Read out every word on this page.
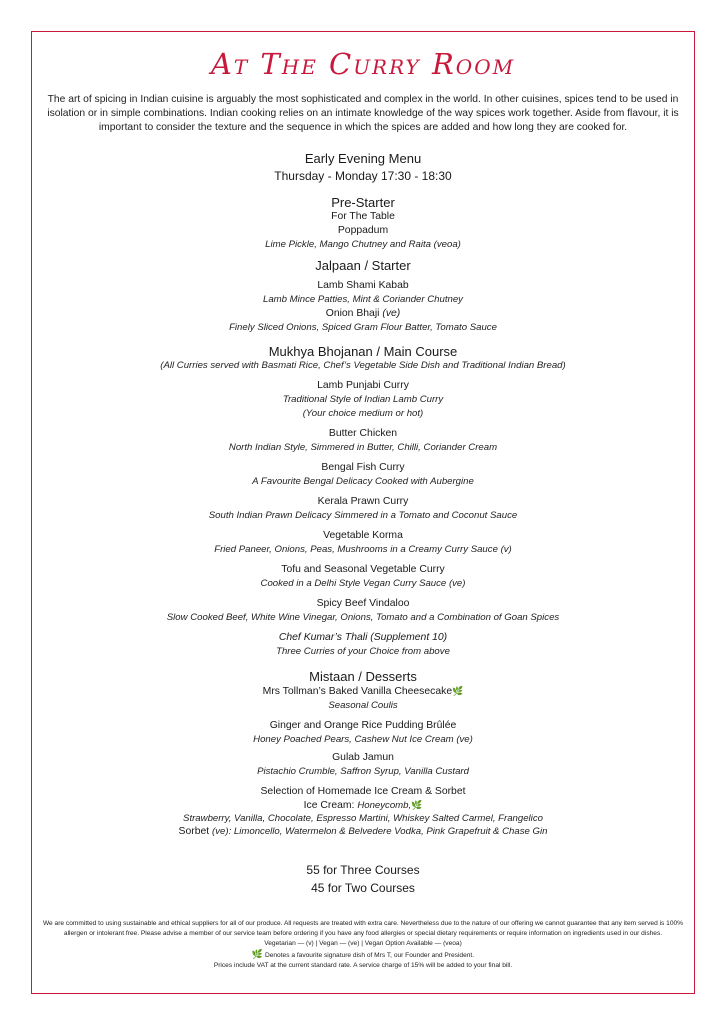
At The Curry Room

The art of spicing in Indian cuisine is arguably the most sophisticated and complex in the world. In other cuisines, spices tend to be used in isolation or in simple combinations. Indian cooking relies on an intimate knowledge of the way spices work together. Aside from flavour, it is important to consider the texture and the sequence in which the spices are added and how long they are cooked for.

Early Evening Menu
Thursday - Monday 17:30 - 18:30
Pre-Starter
For The Table
Poppadum
Lime Pickle, Mango Chutney and Raita (veoa)
Jalpaan / Starter
Lamb Shami Kabab
Lamb Mince Patties, Mint & Coriander Chutney
Onion Bhaji (ve)
Finely Sliced Onions, Spiced Gram Flour Batter, Tomato Sauce
Mukhya Bhojanan / Main Course
(All Curries served with Basmati Rice, Chef’s Vegetable Side Dish and Traditional Indian Bread)
Lamb Punjabi Curry
Traditional Style of Indian Lamb Curry
(Your choice medium or hot)
Butter Chicken
North Indian Style, Simmered in Butter, Chilli, Coriander Cream
Bengal Fish Curry
A Favourite Bengal Delicacy Cooked with Aubergine
Kerala Prawn Curry
South Indian Prawn Delicacy Simmered in a Tomato and Coconut Sauce
Vegetable Korma
Fried Paneer, Onions, Peas, Mushrooms in a Creamy Curry Sauce (v)
Tofu and Seasonal Vegetable Curry
Cooked in a Delhi Style Vegan Curry Sauce (ve)
Spicy Beef Vindaloo
Slow Cooked Beef, White Wine Vinegar, Onions, Tomato and a Combination of Goan Spices
Chef Kumar’s Thali (Supplement 10)
Three Curries of your Choice from above
Mistaan / Desserts
Mrs Tollman’s Baked Vanilla Cheesecake🌿
Seasonal Coulis
Ginger and Orange Rice Pudding Brûlée
Honey Poached Pears, Cashew Nut Ice Cream (ve)
Gulab Jamun
Pistachio Crumble, Saffron Syrup, Vanilla Custard
Selection of Homemade Ice Cream & Sorbet
Ice Cream: Honeycomb,🌿
Strawberry, Vanilla, Chocolate, Espresso Martini, Whiskey Salted Carmel, Frangelico
Sorbet (ve): Limoncello, Watermelon & Belvedere Vodka, Pink Grapefruit & Chase Gin
55 for Three Courses
45 for Two Courses
We are committed to using sustainable and ethical suppliers for all of our produce. All requests are treated with extra care. Nevertheless due to the nature of our offering we cannot guarantee that any item served is 100% allergen or intolerant free. Please advise a member of our service team before ordering if you have any food allergies or special dietary requirements or require information on ingredients used in our dishes.
Vegetarian — (v) | Vegan — (ve) | Vegan Option Available — (veoa)
🌿 Denotes a favourite signature dish of Mrs T, our Founder and President.
Prices include VAT at the current standard rate. A service charge of 15% will be added to your final bill.
